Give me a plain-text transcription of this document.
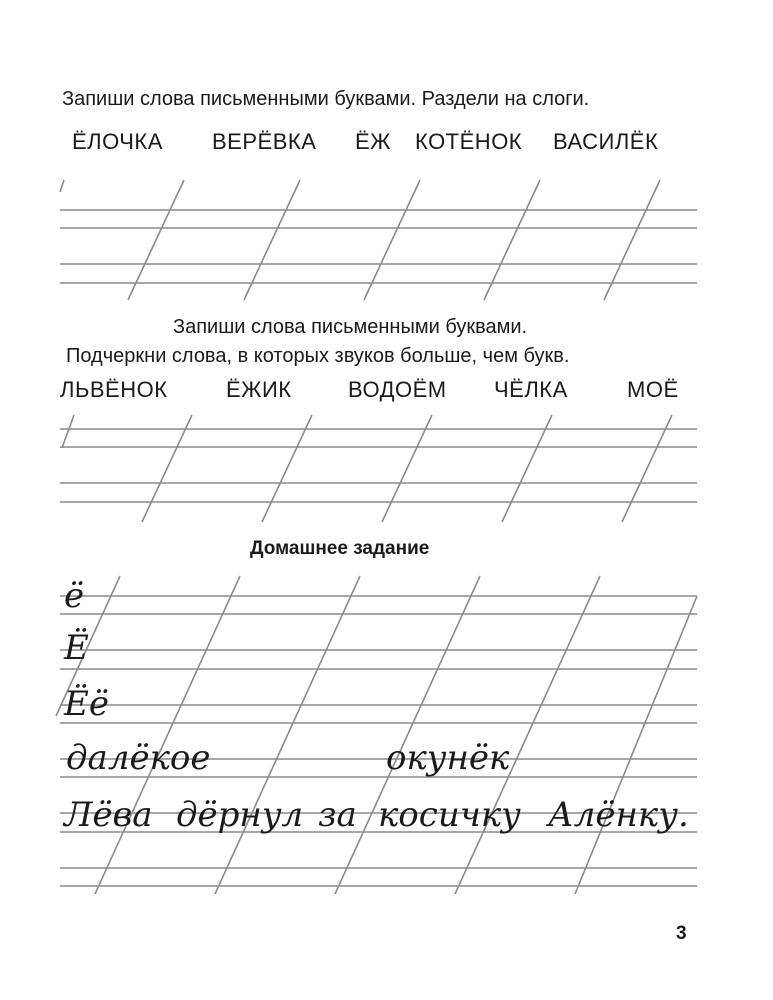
Запиши слова письменными буквами. Раздели на слоги.
ЁЛОЧКА ВЕРЁВКА ЁЖ КОТЁНОК ВАСИЛЁК
Запиши слова письменными буквами.
Подчеркни слова, в которых звуков больше, чем букв.
ЛЬВЁНОК	ЁЖИК	ВОДОЁМ ЧЁЛКА	МОЁ
Домашнее задание
ё
Ё
Ёё
далёкое	окунёк
Лёва дёрнул за косичку Алёнку.
3
